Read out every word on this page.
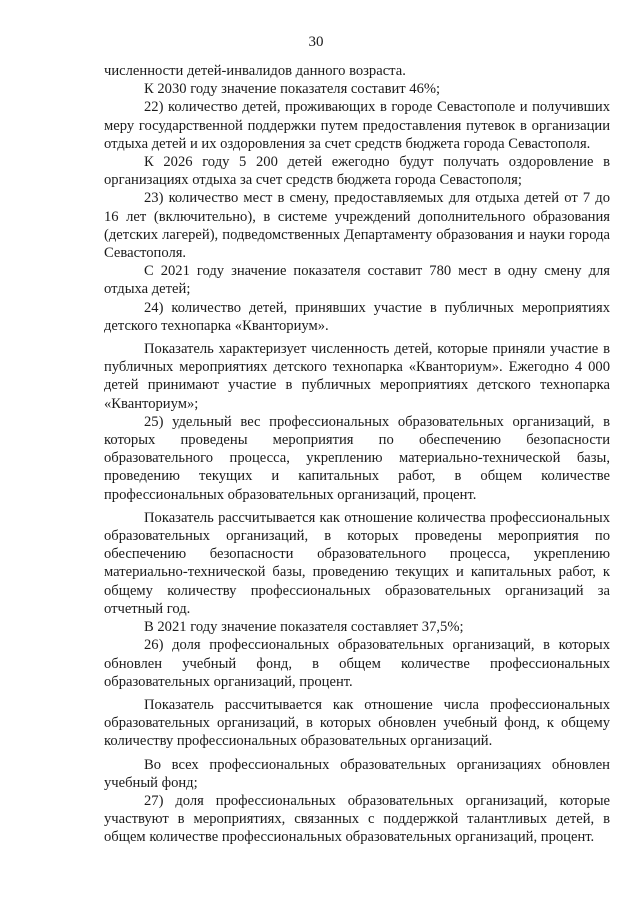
30

численности детей-инвалидов данного возраста.

К 2030 году значение показателя составит 46%;

22) количество детей, проживающих в городе Севастополе и получивших меру государственной поддержки путем предоставления путевок в организации отдыха детей и их оздоровления за счет средств бюджета города Севастополя.

К 2026 году 5 200 детей ежегодно будут получать оздоровление в организациях отдыха за счет средств бюджета города Севастополя;

23) количество мест в смену, предоставляемых для отдыха детей от 7 до 16 лет (включительно), в системе учреждений дополнительного образования (детских лагерей), подведомственных Департаменту образования и науки города Севастополя.

С 2021 году значение показателя составит 780 мест в одну смену для отдыха детей;

24) количество детей, принявших участие в публичных мероприятиях детского технопарка «Кванториум».

Показатель характеризует численность детей, которые приняли участие в публичных мероприятиях детского технопарка «Кванториум». Ежегодно 4 000 детей принимают участие в публичных мероприятиях детского технопарка «Кванториум»;

25) удельный вес профессиональных образовательных организаций, в которых проведены мероприятия по обеспечению безопасности образовательного процесса, укреплению материально-технической базы, проведению текущих и капитальных работ, в общем количестве профессиональных образовательных организаций, процент.

Показатель рассчитывается как отношение количества профессиональных образовательных организаций, в которых проведены мероприятия по обеспечению безопасности образовательного процесса, укреплению материально-технической базы, проведению текущих и капитальных работ, к общему количеству профессиональных образовательных организаций за отчетный год.

В 2021 году значение показателя составляет 37,5%;

26) доля профессиональных образовательных организаций, в которых обновлен учебный фонд, в общем количестве профессиональных образовательных организаций, процент.

Показатель рассчитывается как отношение числа профессиональных образовательных организаций, в которых обновлен учебный фонд, к общему количеству профессиональных образовательных организаций.

Во всех профессиональных образовательных организациях обновлен учебный фонд;

27) доля профессиональных образовательных организаций, которые участвуют в мероприятиях, связанных с поддержкой талантливых детей, в общем количестве профессиональных образовательных организаций, процент.
